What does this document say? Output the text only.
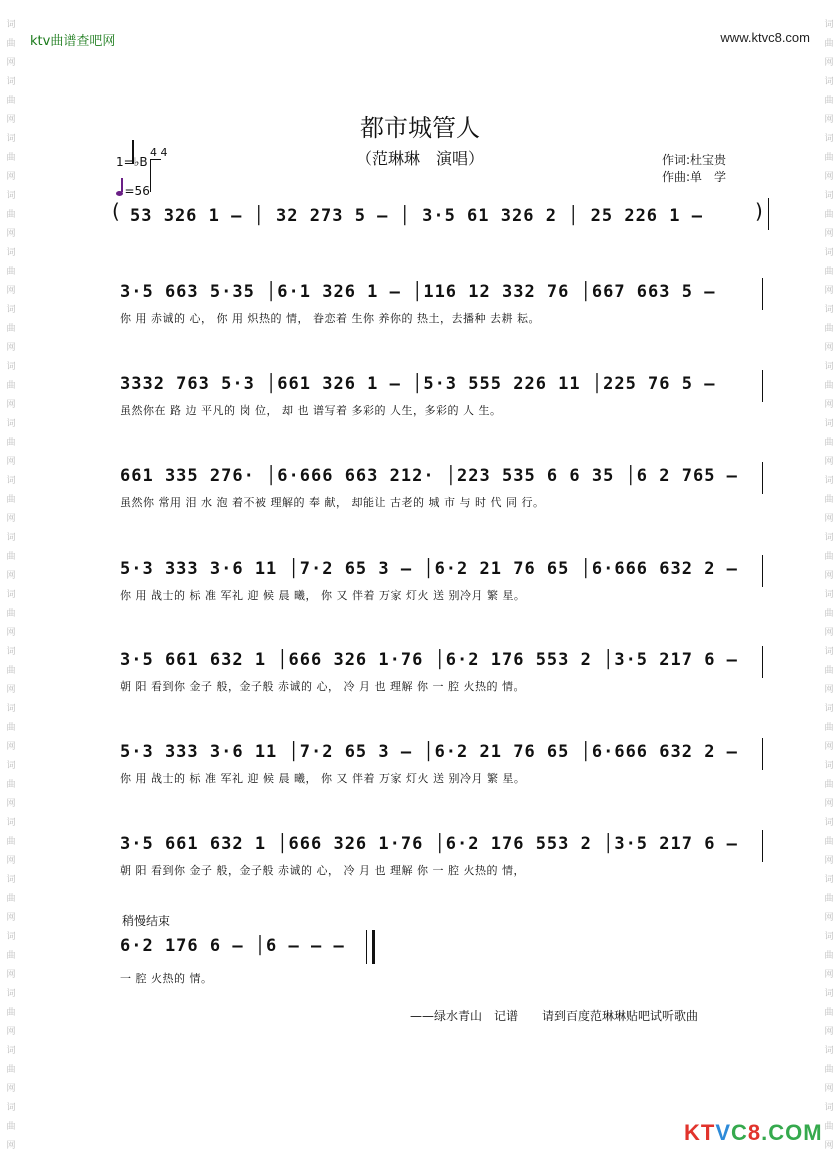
词
曲
网
词
曲
网
词
曲
网
词
曲
网
词
曲
网
词
曲
网
词
曲
网
词
曲
网
词
曲
网
词
曲
网
词
曲
网
词
曲
网
词
曲
网
词
曲
网
词
曲
网
词
曲
网
词
曲
网
词
曲
网
词
曲
网
词
曲
网
词
曲
网
词
曲
网
词
曲
网
词
曲
网
词
曲
网
词
曲
网
词
曲
网
词
曲
网
词
曲
网
词
曲
网
词
曲
网
词
曲
网
词
曲
网
词
曲
网
词
曲
网
词
曲
网
词
曲
网
词
曲
网
词
曲
网
词
曲
网
ktv曲谱查吧网	www.ktvc8.com
都市城管人
（范琳琳　演唱）	作词:杜宝贵
作曲:单　学
1=♭B
4 4
=56
( 53 326 1 – │ 32 273 5 – │ 3·5 61 326 2 │ 25 226 1 –	)
3·5 663 5·35 │6·1 326 1 – │116 12 332 76 │667 663 5 –
你 用 赤诚的 心， 你 用 炽热的 情， 眷恋着 生你 养你的 热土，去播种 去耕 耘。
3332 763 5·3 │661 326 1 – │5·3 555 226 11 │225 76 5 –
虽然你在 路 边 平凡的 岗 位， 却 也 谱写着 多彩的 人生，多彩的 人 生。
661 335 276· │6·666 663 212· │223 535 6 6 35 │6 2 765 –
虽然你 常用 泪 水 泡 着不被 理解的 奉 献， 却能让 古老的 城 市 与 时 代 同 行。
5·3 333 3·6 11 │7·2 65 3 – │6·2 21 76 65 │6·666 632 2 –
你 用 战士的 标 准 军礼 迎 候 晨 曦， 你 又 伴着 万家 灯火 送 别冷月 繁 星。
3·5 661 632 1 │666 326 1·76 │6·2 176 553 2 │3·5 217 6 –
朝 阳 看到你 金子 般，金子般 赤诚的 心， 冷 月 也 理解 你 一 腔 火热的 情。
5·3 333 3·6 11 │7·2 65 3 – │6·2 21 76 65 │6·666 632 2 –
你 用 战士的 标 准 军礼 迎 候 晨 曦， 你 又 伴着 万家 灯火 送 别冷月 繁 星。
3·5 661 632 1 │666 326 1·76 │6·2 176 553 2 │3·5 217 6 –
朝 阳 看到你 金子 般，金子般 赤诚的 心， 冷 月 也 理解 你 一 腔 火热的 情，
稍慢结束
6·2 176 6 – │6 – – –
一 腔 火热的 情。
——绿水青山　记谱　　请到百度范琳琳贴吧试听歌曲
KTVC8.COM
